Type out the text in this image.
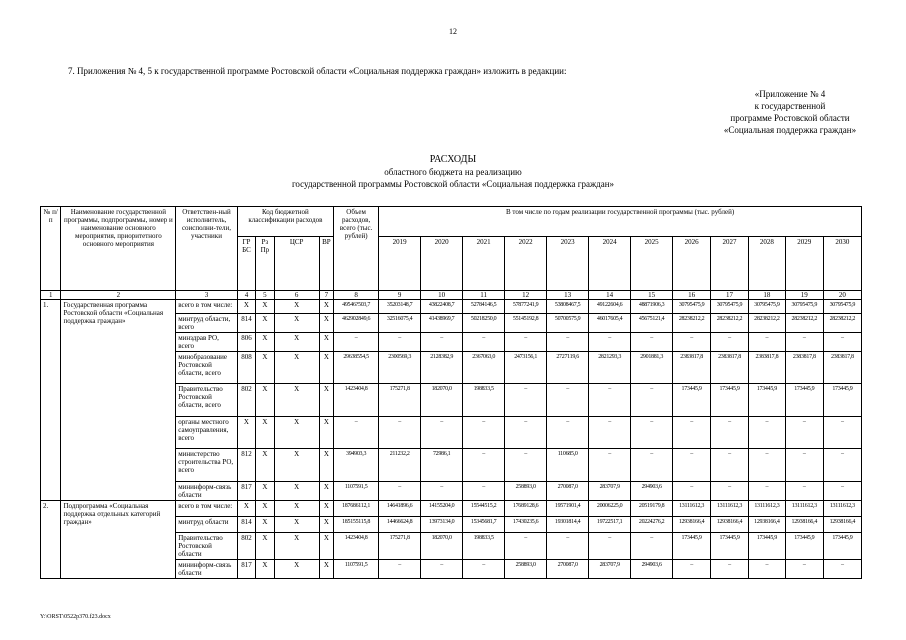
12
7. Приложения № 4, 5 к государственной программе Ростовской области «Социальная поддержка граждан» изложить в редакции:
«Приложение № 4
к государственной
программе Ростовской области
«Социальная поддержка граждан»
РАСХОДЫ
областного бюджета на реализацию
государственной программы Ростовской области «Социальная поддержка граждан»
№ п/п	Наименование государственной программы, подпрограммы, номер и наименование основного мероприятия, приоритетного основного мероприятия	Ответствен-ный исполнитель, соисполни-тели, участники	Код бюджетной классификации расходов				Объем расходов, всего (тыс. рублей)	В том числе по годам реализации государственной программы (тыс. рублей)											
			ГР БС	Рз Пр	ЦСР	ВР		2019	2020	2021	2022	2023	2024	2025	2026	2027	2028	2029	2030
1	2	3	4	5	6	7	8	9	10	11	12	13	14	15	16	17	18	19	20
1.	Государственная программа Ростовской области «Социальная поддержка граждан»	всего в том числе:	X	X	X	X	49546?503,7	35203148,7	43822408,7	52784146,5	57877241,9	53808467,5	49122604,6	48871906,3	30795475,9	30795475,9	30795475,9	30795475,9	30795475,9
		минтруд области, всего	814	X	X	X	462902849,6	32516075,4	41438969,7	50218250,0	55145192,8	50700575,9	46017605,4	45675121,4	28238212,2	28238212,2	28238212,2	28238212,2	28238212,2
		минздрав РО, всего	806	X	X	X	–	–	–	–	–	–	–	–	–	–	–	–	–
		минобразование Ростовской области, всего	808	X	X	X	29638554,5	2300569,3	2128382,9	2367063,0	2473156,1	2727119,6	2821293,3	2901881,3	2383817,8	2383817,8	2383817,8	2383817,8	2383817,8
		Правительство Ростовской области, всего	802	X	X	X	1423404,8	175271,8	182070,0	198833,5	–	–	–	–	173445,9	173445,9	173445,9	173445,9	173445,9
		органы местного самоуправления, всего	X	X	X	X	–	–	–	–	–	–	–	–	–	–	–	–	–
		министерство строительства РО, всего	812	X	X	X	394903,3	211232,2	72986,1	–	–	110685,0	–	–	–	–	–	–	–
		мининформ-связь области	817	X	X	X	1107591,5	–	–	–	258893,0	270087,0	283707,9	294903,6	–	–	–	–	–
2.	Подпрограмма «Социальная поддержка отдельных категорий граждан»	всего в том числе:	X	X	X	X	187686112,1	14641896,6	14155204,0	15544515,2	17689128,6	19571901,4	20006225,0	20519179,8	13111612,3	13111612,3	13111612,3	13111612,3	13111612,3
		минтруд области	814	X	X	X	185155115,8	14466624,8	13973134,0	15345681,7	17430235,6	19301814,4	19722517,1	20224276,2	12938166,4	12938166,4	12938166,4	12938166,4	12938166,4
		Правительство Ростовской области	802	X	X	X	1423404,8	175271,8	182070,0	198833,5	–	–	–	–	173445,9	173445,9	173445,9	173445,9	173445,9
		мининформ-связь области	817	X	X	X	1107591,5	–	–	–	258893,0	270087,0	283707,9	294903,6	–	–	–	–	–
Y:\ORST\0522p370.f23.docx
